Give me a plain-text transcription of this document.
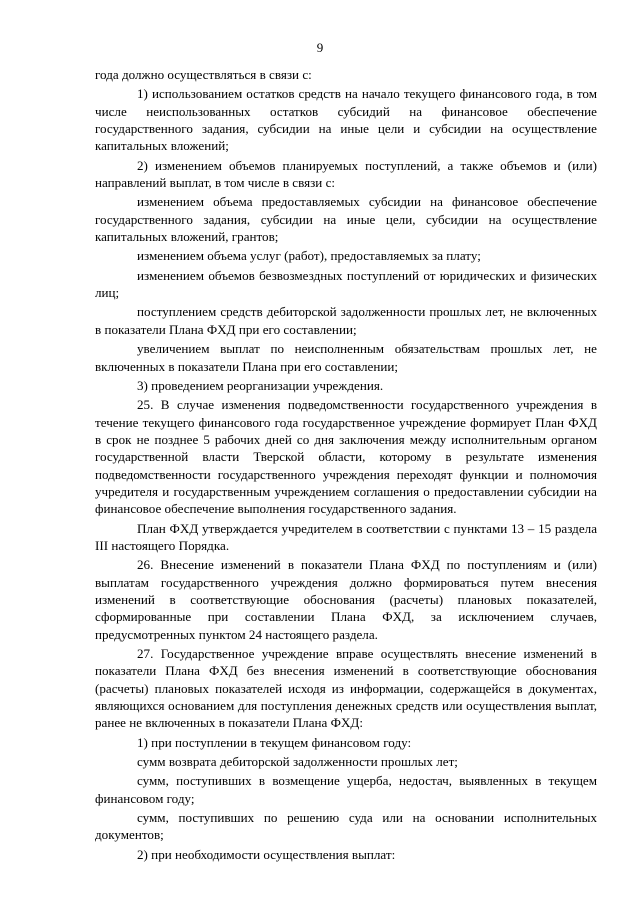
9

года должно осуществляться в связи с:

1) использованием остатков средств на начало текущего финансового года, в том числе неиспользованных остатков субсидий на финансовое обеспечение государственного задания, субсидии на иные цели и субсидии на осуществление капитальных вложений;

2) изменением объемов планируемых поступлений, а также объемов и (или) направлений выплат, в том числе в связи с:

изменением объема предоставляемых субсидии на финансовое обеспечение государственного задания, субсидии на иные цели, субсидии на осуществление капитальных вложений, грантов;

изменением объема услуг (работ), предоставляемых за плату;

изменением объемов безвозмездных поступлений от юридических и физических лиц;

поступлением средств дебиторской задолженности прошлых лет, не включенных в показатели Плана ФХД при его составлении;

увеличением выплат по неисполненным обязательствам прошлых лет, не включенных в показатели Плана при его составлении;

3) проведением реорганизации учреждения.

25. В случае изменения подведомственности государственного учреждения в течение текущего финансового года государственное учреждение формирует План ФХД в срок не позднее 5 рабочих дней со дня заключения между исполнительным органом государственной власти Тверской области, которому в результате изменения подведомственности государственного учреждения переходят функции и полномочия учредителя и государственным учреждением соглашения о предоставлении субсидии на финансовое обеспечение выполнения государственного задания.

План ФХД утверждается учредителем в соответствии с пунктами 13 – 15 раздела III настоящего Порядка.

26. Внесение изменений в показатели Плана ФХД по поступлениям и (или) выплатам государственного учреждения должно формироваться путем внесения изменений в соответствующие обоснования (расчеты) плановых показателей, сформированные при составлении Плана ФХД, за исключением случаев, предусмотренных пунктом 24 настоящего раздела.

27. Государственное учреждение вправе осуществлять внесение изменений в показатели Плана ФХД без внесения изменений в соответствующие обоснования (расчеты) плановых показателей исходя из информации, содержащейся в документах, являющихся основанием для поступления денежных средств или осуществления выплат, ранее не включенных в показатели Плана ФХД:

1) при поступлении в текущем финансовом году:

сумм возврата дебиторской задолженности прошлых лет;

сумм, поступивших в возмещение ущерба, недостач, выявленных в текущем финансовом году;

сумм, поступивших по решению суда или на основании исполнительных документов;

2) при необходимости осуществления выплат:
